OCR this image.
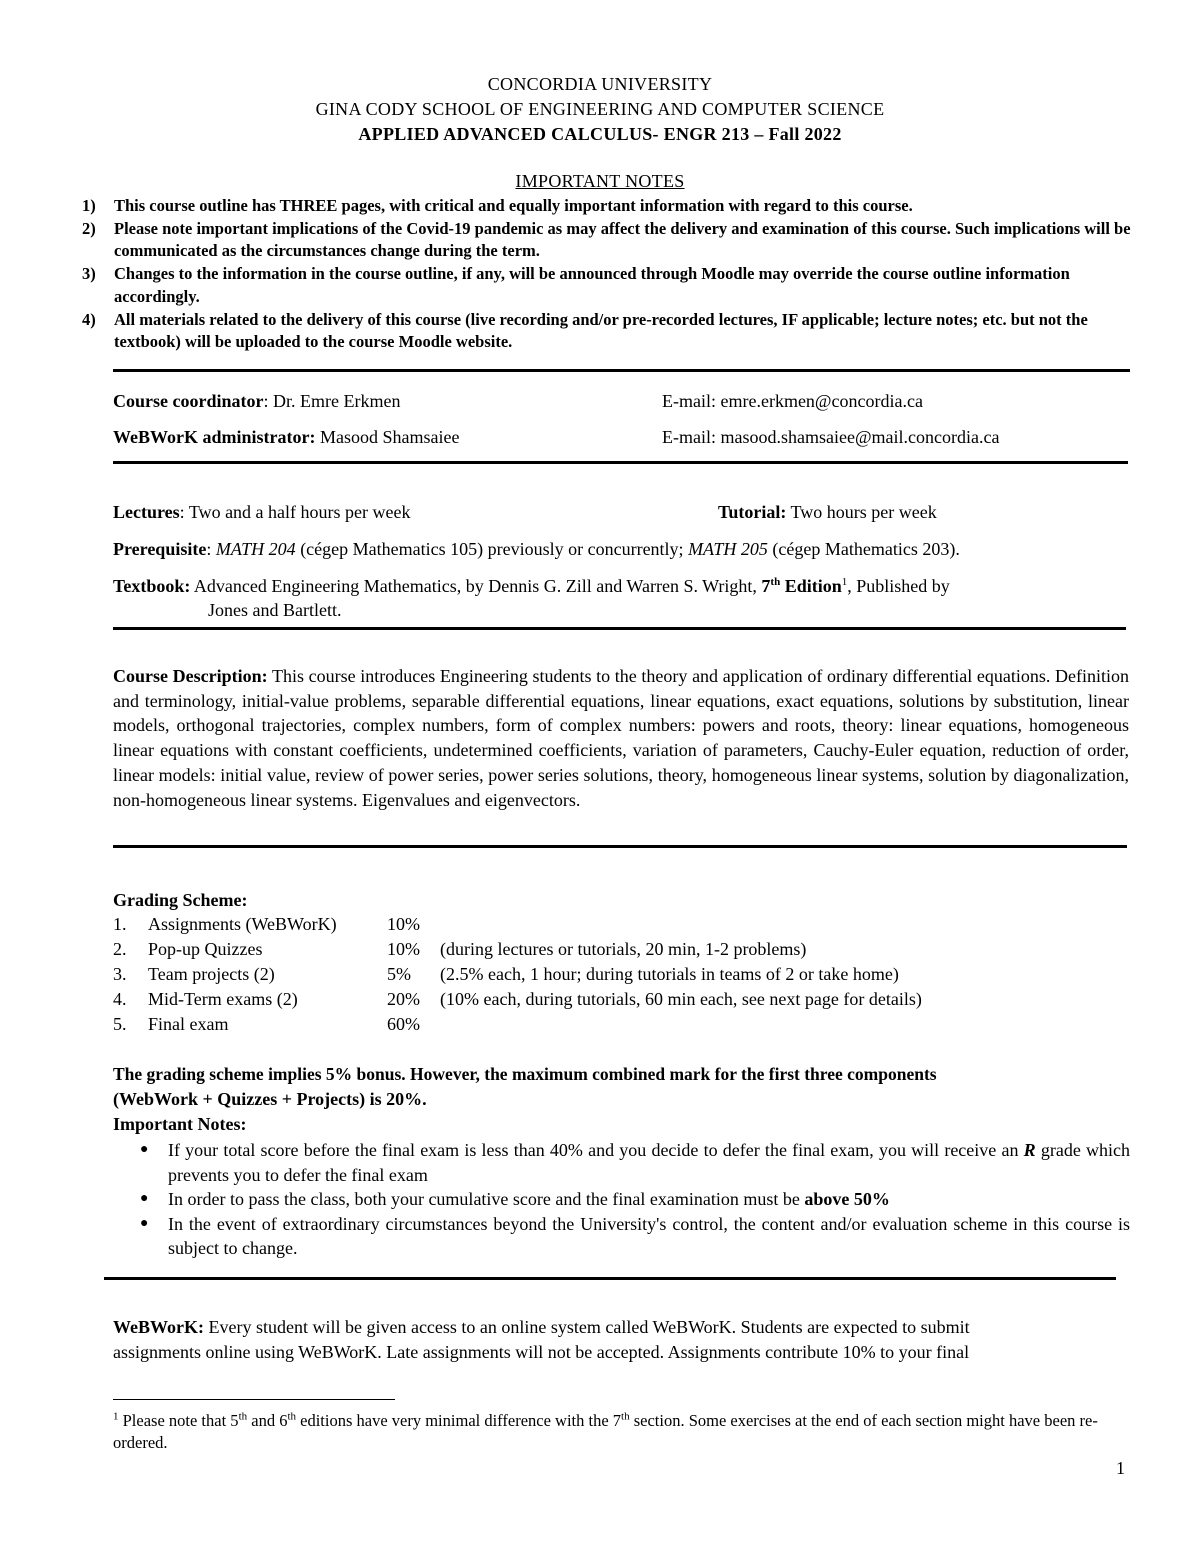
CONCORDIA UNIVERSITY
GINA CODY SCHOOL OF ENGINEERING AND COMPUTER SCIENCE
APPLIED ADVANCED CALCULUS- ENGR 213 – Fall 2022
IMPORTANT NOTES
1) This course outline has THREE pages, with critical and equally important information with regard to this course.
2) Please note important implications of the Covid-19 pandemic as may affect the delivery and examination of this course. Such implications will be communicated as the circumstances change during the term.
3) Changes to the information in the course outline, if any, will be announced through Moodle may override the course outline information accordingly.
4) All materials related to the delivery of this course (live recording and/or pre-recorded lectures, IF applicable; lecture notes; etc. but not the textbook) will be uploaded to the course Moodle website.
Course coordinator: Dr. Emre Erkmen	E-mail: emre.erkmen@concordia.ca
WeBWorK administrator: Masood Shamsaiee	E-mail: masood.shamsaiee@mail.concordia.ca
Lectures: Two and a half hours per week	Tutorial: Two hours per week
Prerequisite: MATH 204 (cégep Mathematics 105) previously or concurrently; MATH 205 (cégep Mathematics 203).
Textbook: Advanced Engineering Mathematics, by Dennis G. Zill and Warren S. Wright, 7th Edition$^1$, Published by
Jones and Bartlett.
Course Description: This course introduces Engineering students to the theory and application of ordinary differential equations. Definition and terminology, initial-value problems, separable differential equations, linear equations, exact equations, solutions by substitution, linear models, orthogonal trajectories, complex numbers, form of complex numbers: powers and roots, theory: linear equations, homogeneous linear equations with constant coefficients, undetermined coefficients, variation of parameters, Cauchy-Euler equation, reduction of order, linear models: initial value, review of power series, power series solutions, theory, homogeneous linear systems, solution by diagonalization, non-homogeneous linear systems. Eigenvalues and eigenvectors.
Grading Scheme:
1. Assignments (WeBWorK)	10%
2. Pop-up Quizzes	10% (during lectures or tutorials, 20 min, 1-2 problems)
3. Team projects (2)	5% (2.5% each, 1 hour; during tutorials in teams of 2 or take home)
4. Mid-Term exams (2)	20% (10% each, during tutorials, 60 min each, see next page for details)
5. Final exam	60%
The grading scheme implies 5% bonus. However, the maximum combined mark for the first three components
(WebWork + Quizzes + Projects) is 20%.
Important Notes:
● If your total score before the final exam is less than 40% and you decide to defer the final exam, you will receive an R grade which prevents you to defer the final exam
● In order to pass the class, both your cumulative score and the final examination must be above 50%
● In the event of extraordinary circumstances beyond the University's control, the content and/or evaluation scheme in this course is subject to change.
WeBWorK: Every student will be given access to an online system called WeBWorK. Students are expected to submit
assignments online using WeBWorK. Late assignments will not be accepted. Assignments contribute 10% to your final
$^1$ Please note that 5th and 6th editions have very minimal difference with the 7th section. Some exercises at the end of each section might have been re-ordered.
1
